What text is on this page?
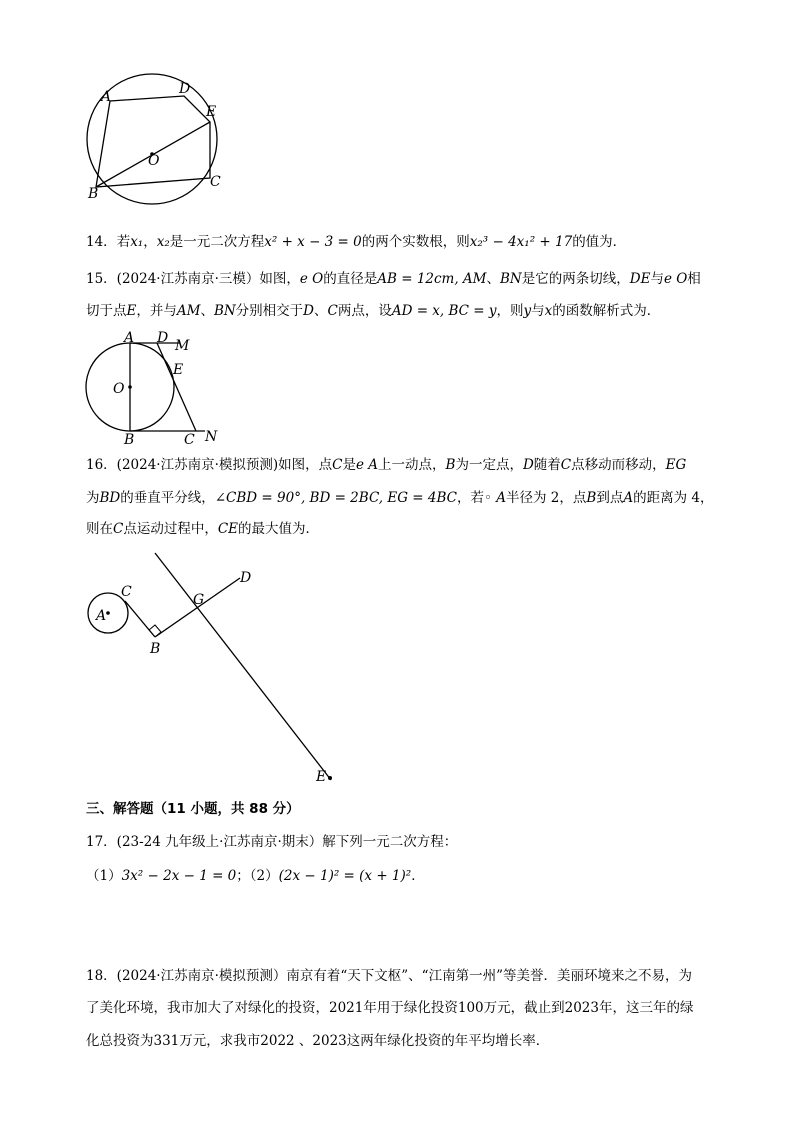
A	D
E
O
B
C
14．若x₁，x₂是一元二次方程x² + x − 3 = 0的两个实数根，则x₂³ − 4x₁² + 17的值为．
15．(2024·江苏南京·三模）如图，e O的直径是AB = 12cm, AM、BN是它的两条切线，DE与e O相
切于点E，并与AM、BN分别相交于D、C两点，设AD = x, BC = y，则y与x的函数解析式为．
A D M
E
O
B	C N
16．(2024·江苏南京·模拟预测)如图，点C是e A上一动点，B为一定点，D随着C点移动而移动，EG
为BD的垂直平分线，∠CBD = 90°, BD = 2BC, EG = 4BC，若◦ A半径为 2，点B到点A的距离为 4，
则在C点运动过程中，CE的最大值为．
C
A
B
G
D
E
三、解答题（11 小题，共 88 分）
17．(23-24 九年级上·江苏南京·期末）解下列一元二次方程：
（1）3x² − 2x − 1 = 0；（2）(2x − 1)² = (x + 1)²．
18．(2024·江苏南京·模拟预测）南京有着“天下文枢”、“江南第一州”等美誉．美丽环境来之不易，为
了美化环境，我市加大了对绿化的投资，2021年用于绿化投资100万元，截止到2023年，这三年的绿
化总投资为331万元，求我市2022 、2023这两年绿化投资的年平均增长率．
